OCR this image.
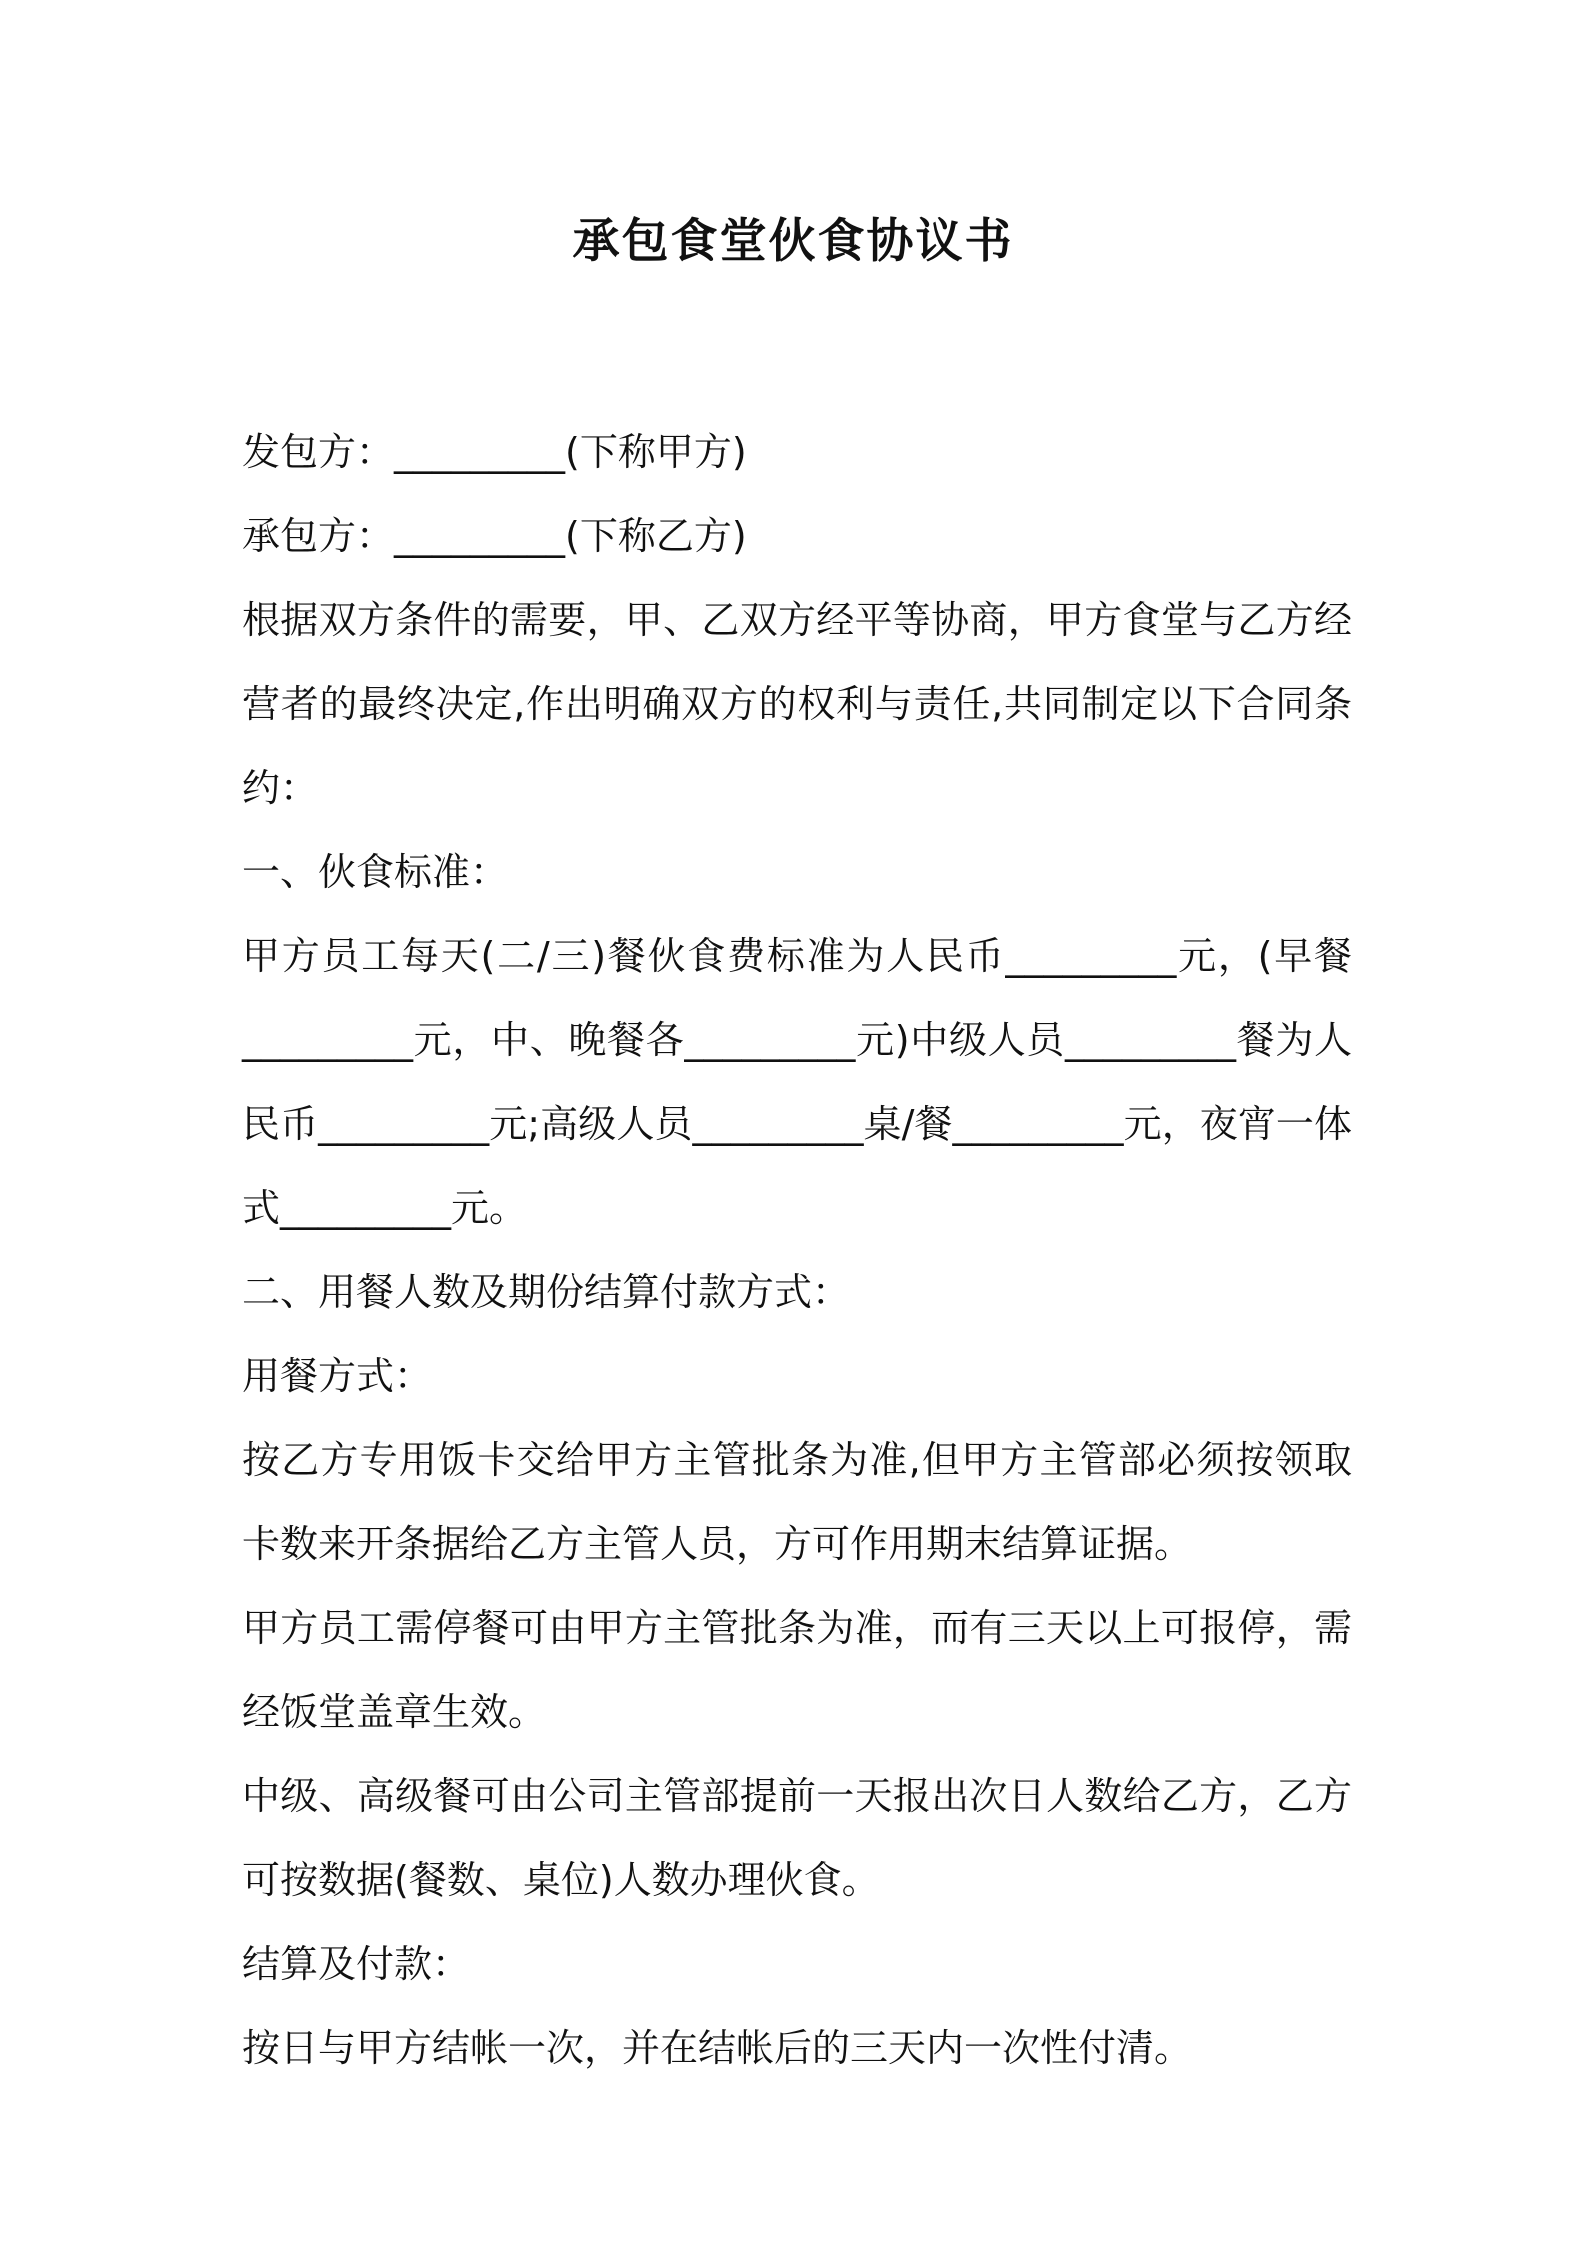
承包食堂伙食协议书

发包方：_________(下称甲方)

承包方：_________(下称乙方)

根据双方条件的需要，甲、乙双方经平等协商，甲方食堂与乙方经营者的最终决定,作出明确双方的权利与责任,共同制定以下合同条约：

一、伙食标准：

甲方员工每天(二/三)餐伙食费标准为人民币_________元，(早餐_________元，中、晚餐各_________元)中级人员_________餐为人民币_________元;高级人员_________桌/餐_________元，夜宵一体式_________元。

二、用餐人数及期份结算付款方式：

用餐方式：

按乙方专用饭卡交给甲方主管批条为准,但甲方主管部必须按领取卡数来开条据给乙方主管人员，方可作用期末结算证据。

甲方员工需停餐可由甲方主管批条为准，而有三天以上可报停，需经饭堂盖章生效。

中级、高级餐可由公司主管部提前一天报出次日人数给乙方，乙方可按数据(餐数、桌位)人数办理伙食。

结算及付款：

按日与甲方结帐一次，并在结帐后的三天内一次性付清。
